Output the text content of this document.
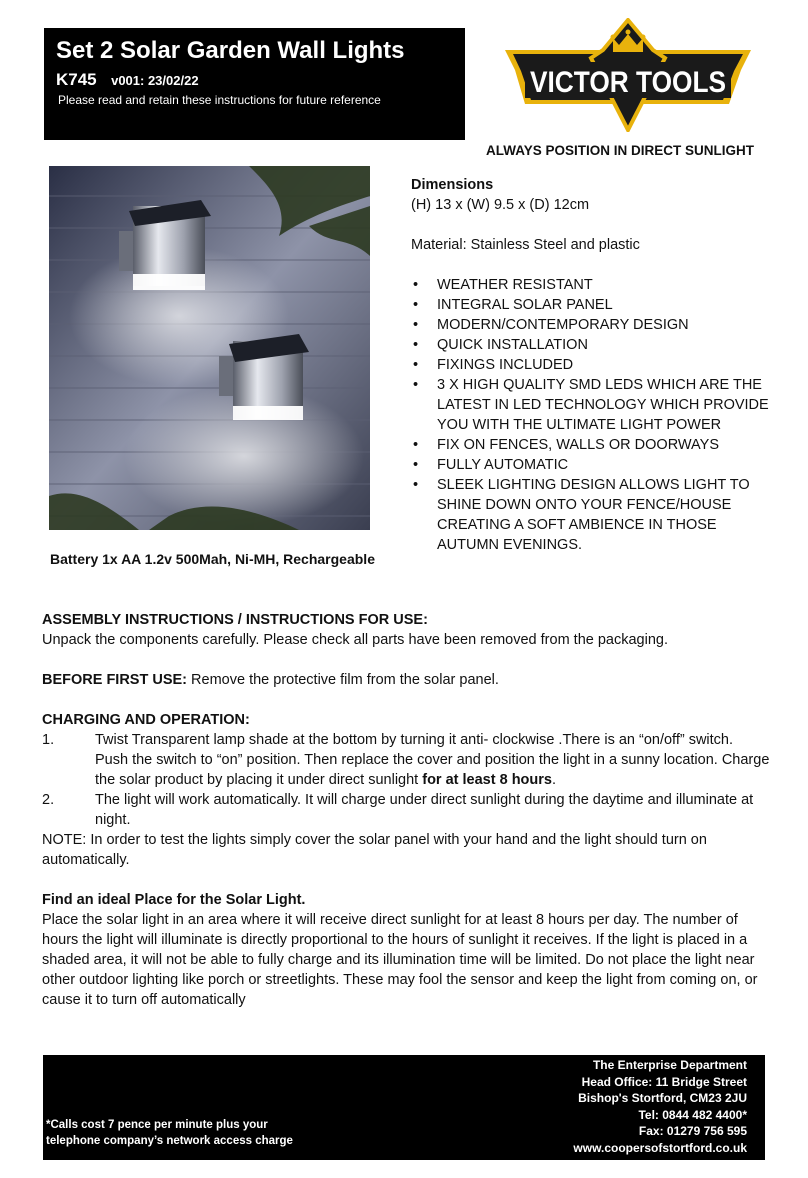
Set 2 Solar Garden Wall Lights
K745 v001: 23/02/22
Please read and retain these instructions for future reference
VICTOR TOOLS
ALWAYS POSITION IN DIRECT SUNLIGHT
Battery 1x AA 1.2v 500Mah, Ni-MH, Rechargeable
Dimensions
(H) 13 x (W) 9.5 x (D) 12cm
Material: Stainless Steel and plastic
• WEATHER RESISTANT
• INTEGRAL SOLAR PANEL
• MODERN/CONTEMPORARY DESIGN
• QUICK INSTALLATION
• FIXINGS INCLUDED
• 3 X HIGH QUALITY SMD LEDS WHICH ARE THE LATEST IN LED TECHNOLOGY WHICH PROVIDE YOU WITH THE ULTIMATE LIGHT POWER
• FIX ON FENCES, WALLS OR DOORWAYS
• FULLY AUTOMATIC
• SLEEK LIGHTING DESIGN ALLOWS LIGHT TO SHINE DOWN ONTO YOUR FENCE/HOUSE CREATING A SOFT AMBIENCE IN THOSE AUTUMN EVENINGS.

ASSEMBLY INSTRUCTIONS / INSTRUCTIONS FOR USE:

Unpack the components carefully. Please check all parts have been removed from the packaging.

BEFORE FIRST USE: Remove the protective film from the solar panel.

CHARGING AND OPERATION:

1.	Twist Transparent lamp shade at the bottom by turning it anti- clockwise .There is an “on/off” switch. Push the switch to “on” position. Then replace the cover and position the light in a sunny location. Charge the solar product by placing it under direct sunlight for at least 8 hours.
2.	The light will work automatically. It will charge under direct sunlight during the daytime and illuminate at night.

NOTE: In order to test the lights simply cover the solar panel with your hand and the light should turn on automatically.

Find an ideal Place for the Solar Light.

Place the solar light in an area where it will receive direct sunlight for at least 8 hours per day. The number of hours the light will illuminate is directly proportional to the hours of sunlight it receives. If the light is placed in a shaded area, it will not be able to fully charge and its illumination time will be limited. Do not place the light near other outdoor lighting like porch or streetlights. These may fool the sensor and keep the light from coming on, or cause it to turn off automatically

*Calls cost 7 pence per minute plus your
telephone company’s network access charge
The Enterprise Department
Head Office: 11 Bridge Street
Bishop's Stortford, CM23 2JU
Tel: 0844 482 4400*
Fax: 01279 756 595
www.coopersofstortford.co.uk
